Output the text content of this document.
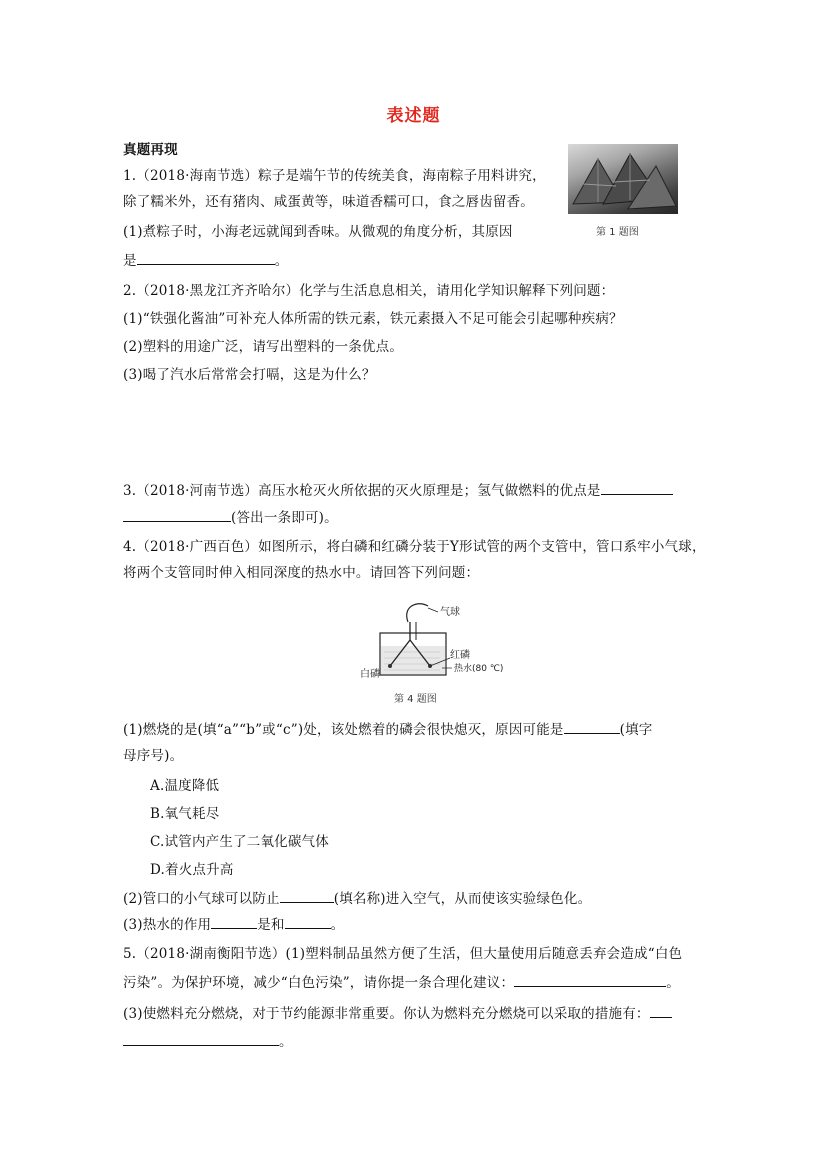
表述题
真题再现
1.（2018·海南节选）粽子是端午节的传统美食，海南粽子用料讲究，
除了糯米外，还有猪肉、咸蛋黄等，味道香糯可口，食之唇齿留香。
(1)煮粽子时，小海老远就闻到香味。从微观的角度分析，其原因
是	。
第 1 题图
2.（2018·黑龙江齐齐哈尔）化学与生活息息相关，请用化学知识解释下列问题：
(1)“铁强化酱油”可补充人体所需的铁元素，铁元素摄入不足可能会引起哪种疾病？
(2)塑料的用途广泛，请写出塑料的一条优点。
(3)喝了汽水后常常会打嗝，这是为什么？
3.（2018·河南节选）高压水枪灭火所依据的灭火原理是；氢气做燃料的优点是
(答出一条即可)。
4.（2018·广西百色）如图所示，将白磷和红磷分装于Y形试管的两个支管中，管口系牢小气球，
将两个支管同时伸入相同深度的热水中。请回答下列问题：
气球
红磷
热水(80 ℃)
白磷
第 4 题图
(1)燃烧的是(填“a”“b”或“c”)处，该处燃着的磷会很快熄灭，原因可能是	(填字
母序号)。
A.温度降低
B.氧气耗尽
C.试管内产生了二氧化碳气体
D.着火点升高
(2)管口的小气球可以防止	(填名称)进入空气，从而使该实验绿色化。
(3)热水的作用	是和	。
5.（2018·湖南衡阳节选）(1)塑料制品虽然方便了生活，但大量使用后随意丢弃会造成“白色
污染”。为保护环境，减少“白色污染”，请你提一条合理化建议：	。
(3)使燃料充分燃烧，对于节约能源非常重要。你认为燃料充分燃烧可以采取的措施有：
。
